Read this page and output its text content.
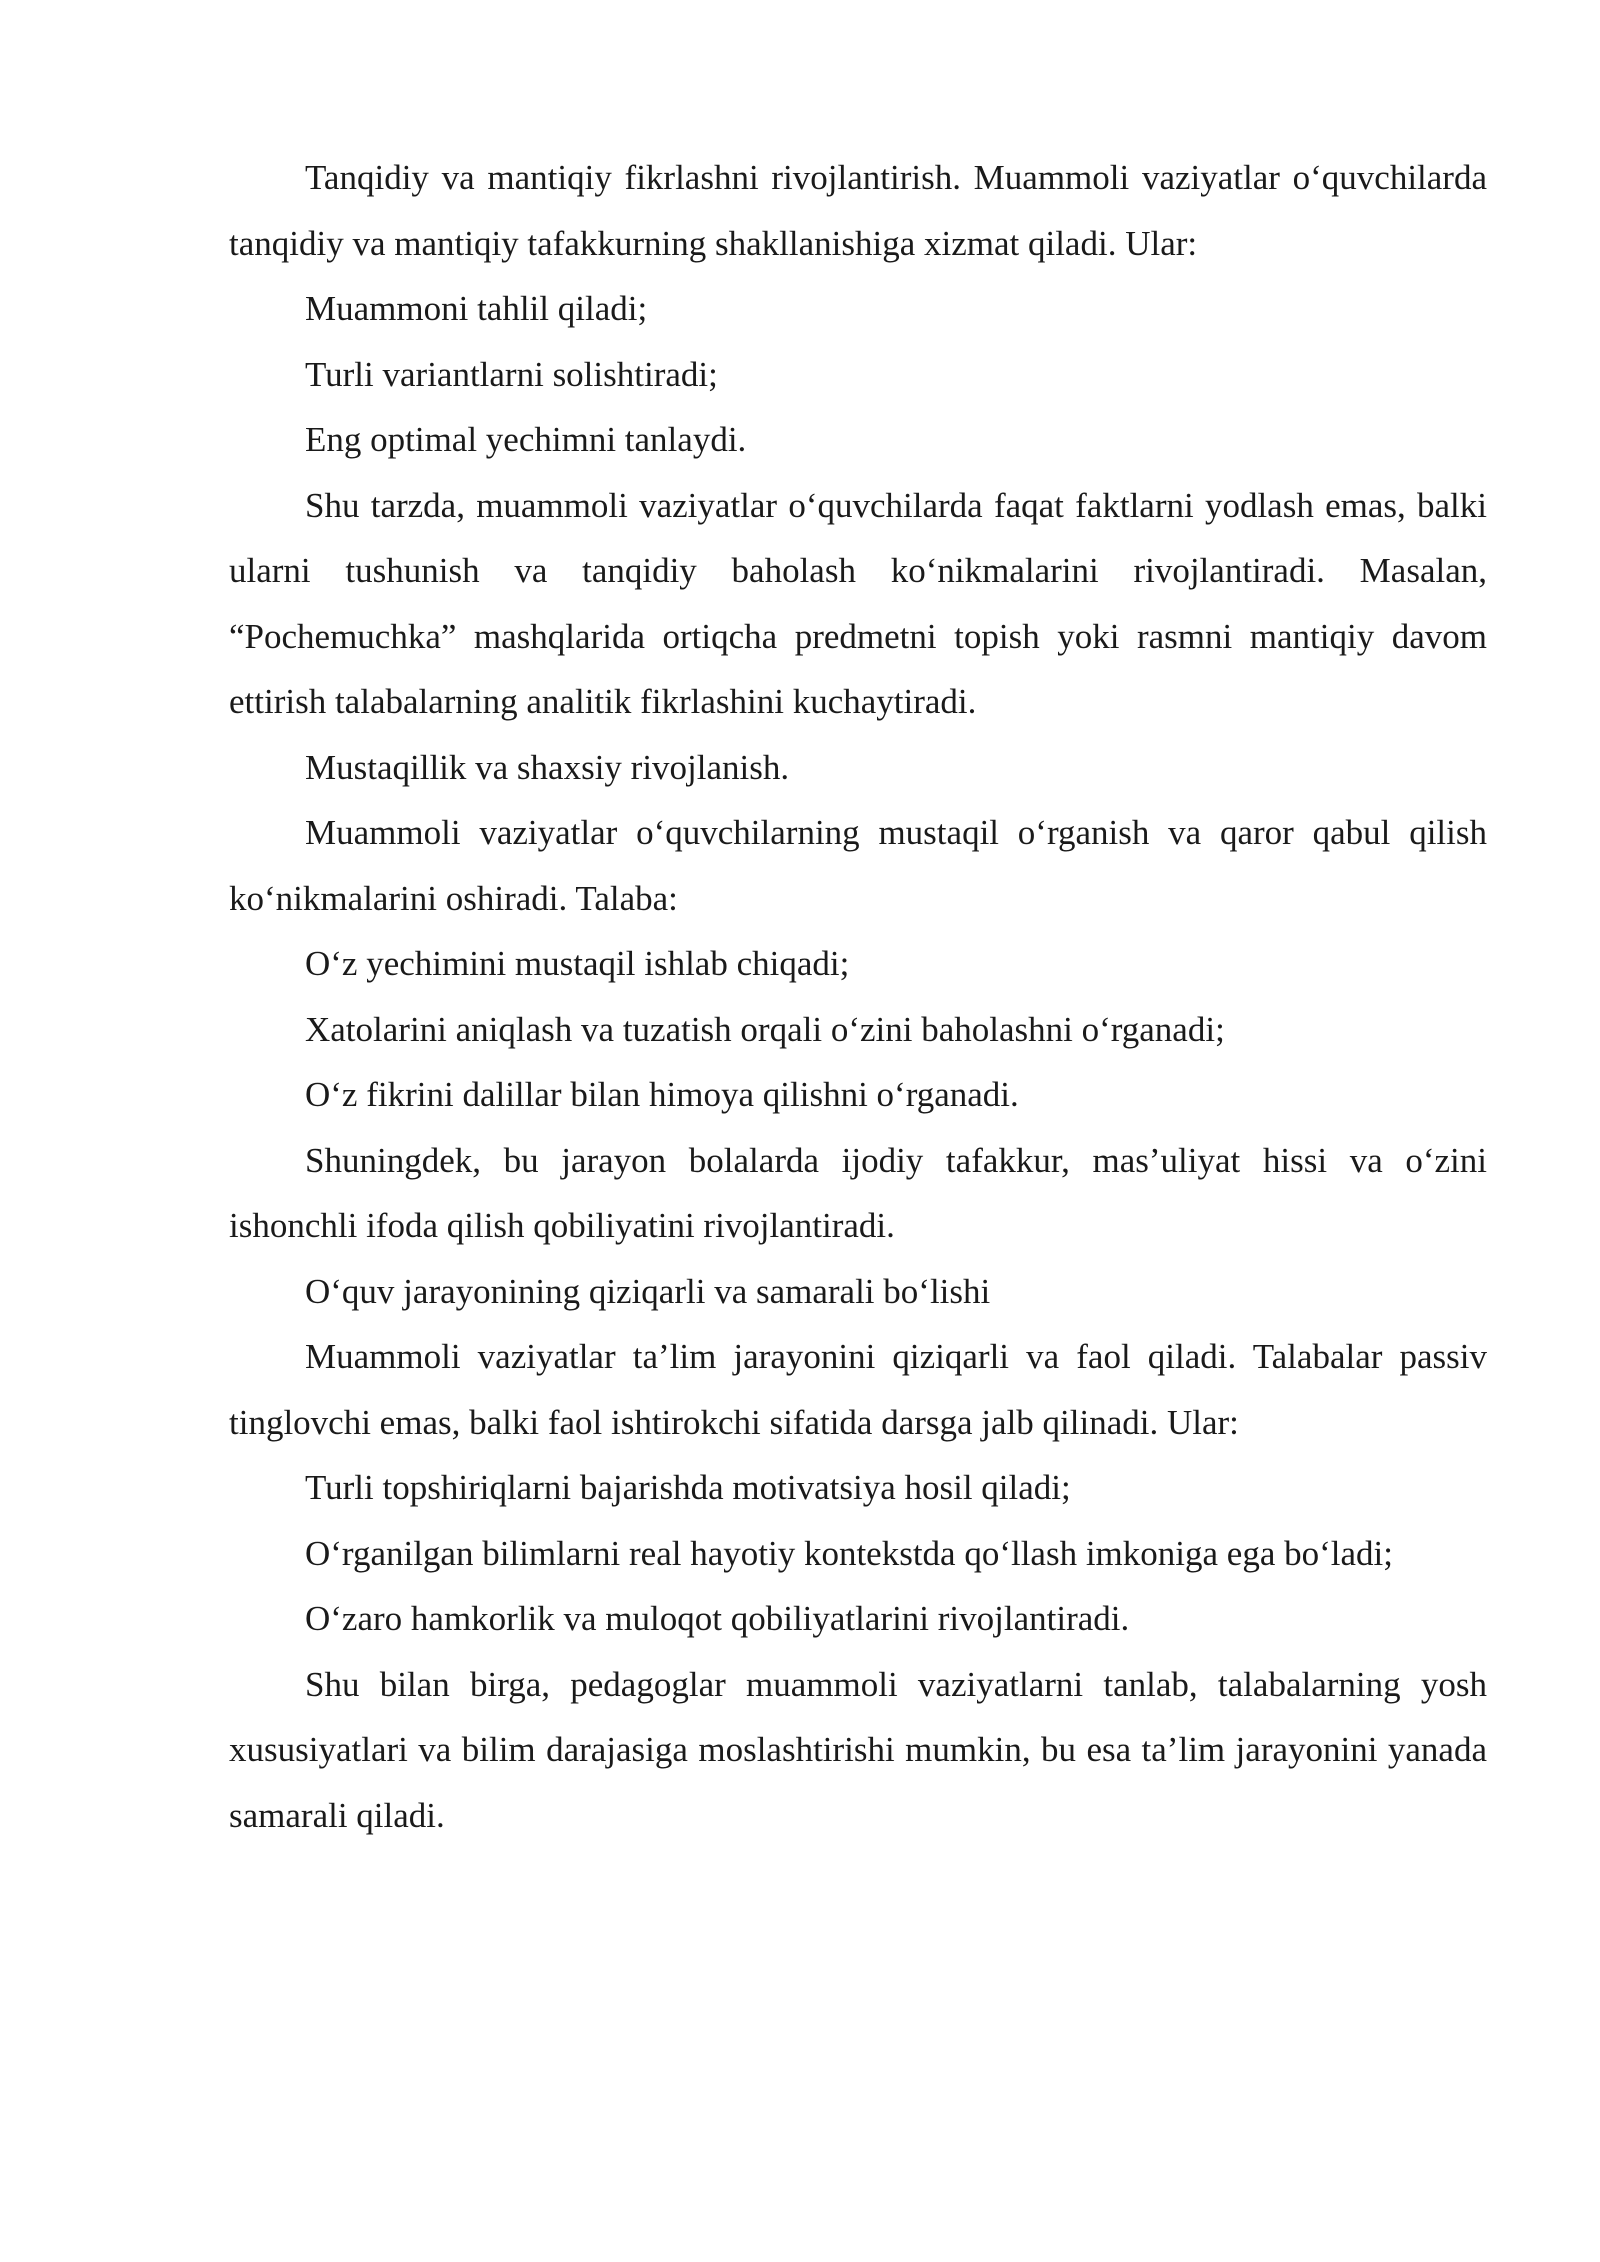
Tanqidiy va mantiqiy fikrlashni rivojlantirish. Muammoli vaziyatlar o‘quvchilarda tanqidiy va mantiqiy tafakkurning shakllanishiga xizmat qiladi. Ular:

Muammoni tahlil qiladi;

Turli variantlarni solishtiradi;

Eng optimal yechimni tanlaydi.

Shu tarzda, muammoli vaziyatlar o‘quvchilarda faqat faktlarni yodlash emas, balki ularni tushunish va tanqidiy baholash ko‘nikmalarini rivojlantiradi. Masalan, “Pochemuchka” mashqlarida ortiqcha predmetni topish yoki rasmni mantiqiy davom ettirish talabalarning analitik fikrlashini kuchaytiradi.

Mustaqillik va shaxsiy rivojlanish.

Muammoli vaziyatlar o‘quvchilarning mustaqil o‘rganish va qaror qabul qilish ko‘nikmalarini oshiradi. Talaba:

O‘z yechimini mustaqil ishlab chiqadi;

Xatolarini aniqlash va tuzatish orqali o‘zini baholashni o‘rganadi;

O‘z fikrini dalillar bilan himoya qilishni o‘rganadi.

Shuningdek, bu jarayon bolalarda ijodiy tafakkur, mas’uliyat hissi va o‘zini ishonchli ifoda qilish qobiliyatini rivojlantiradi.

O‘quv jarayonining qiziqarli va samarali bo‘lishi

Muammoli vaziyatlar ta’lim jarayonini qiziqarli va faol qiladi. Talabalar passiv tinglovchi emas, balki faol ishtirokchi sifatida darsga jalb qilinadi. Ular:

Turli topshiriqlarni bajarishda motivatsiya hosil qiladi;

O‘rganilgan bilimlarni real hayotiy kontekstda qo‘llash imkoniga ega bo‘ladi;

O‘zaro hamkorlik va muloqot qobiliyatlarini rivojlantiradi.

Shu bilan birga, pedagoglar muammoli vaziyatlarni tanlab, talabalarning yosh xususiyatlari va bilim darajasiga moslashtirishi mumkin, bu esa ta’lim jarayonini yanada samarali qiladi.
